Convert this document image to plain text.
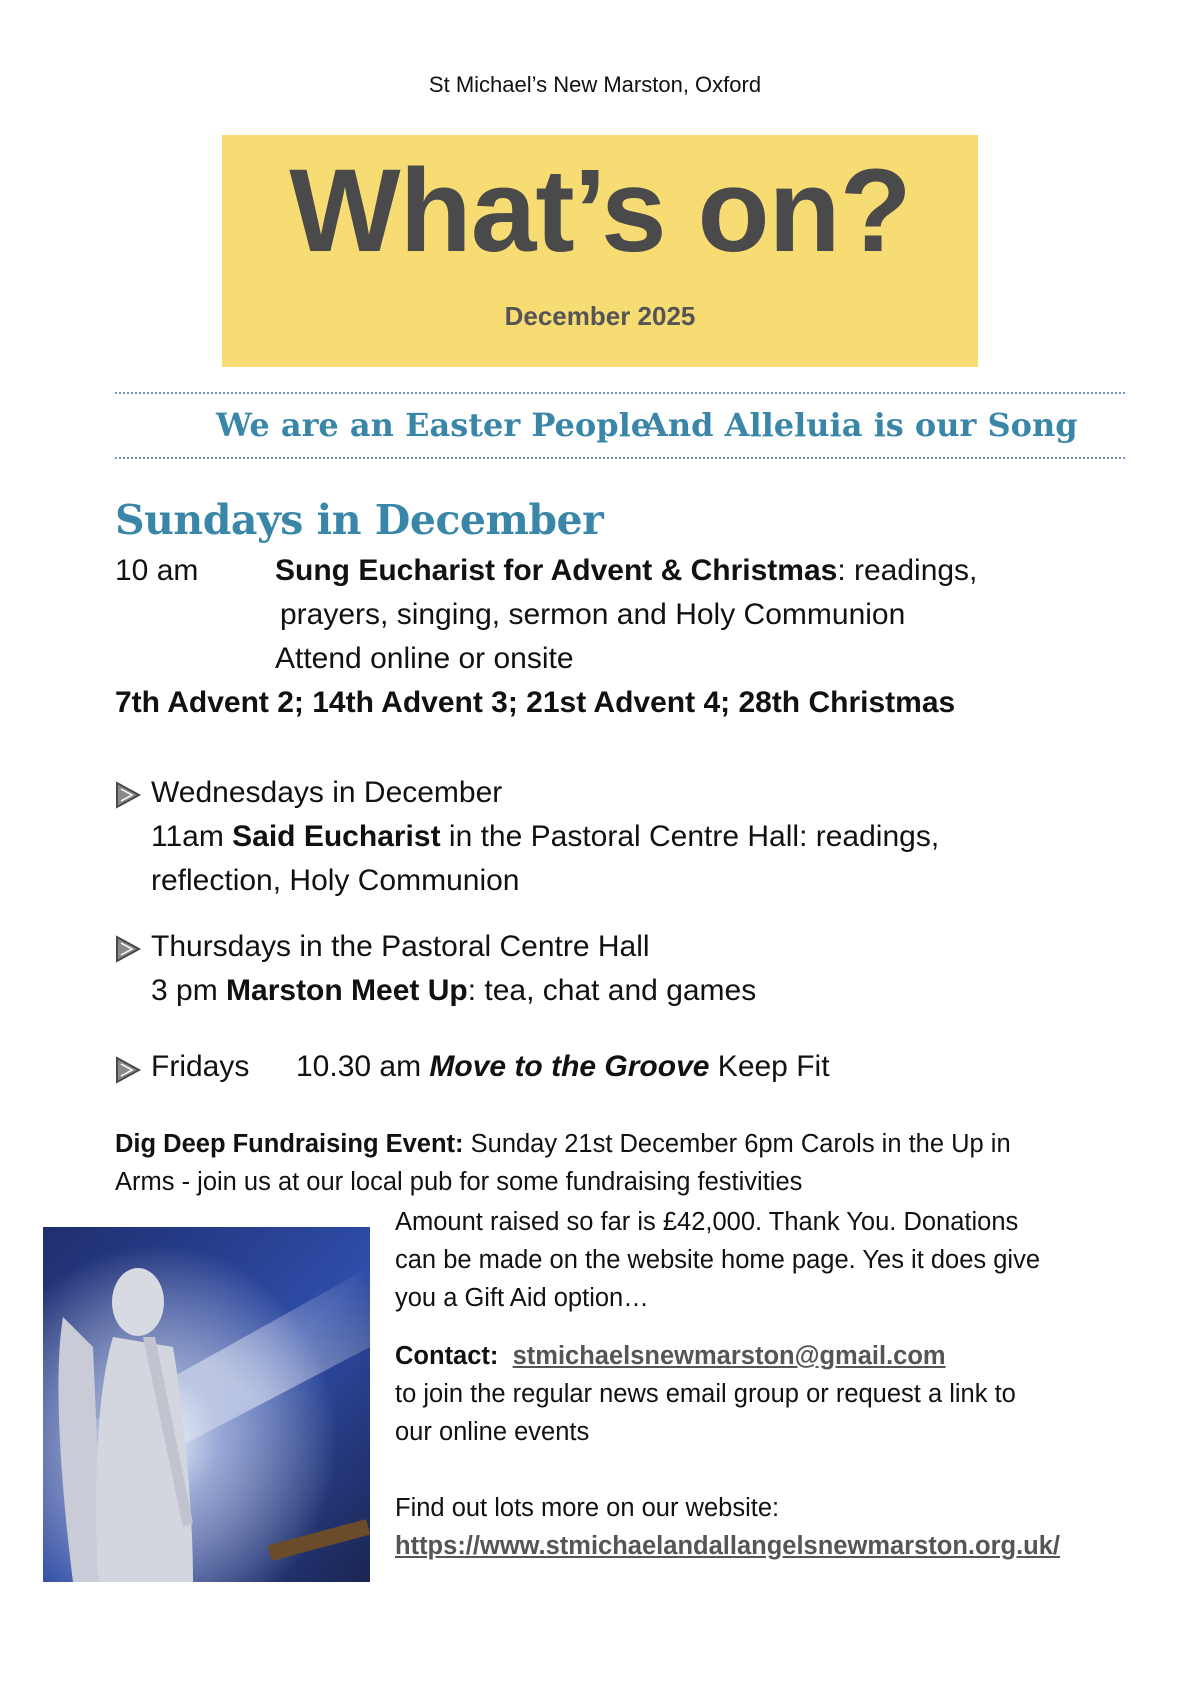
St Michael’s New Marston, Oxford
What’s on?
December 2025
We are an Easter People
And Alleluia is our Song
Sundays in December
10 am	Sung Eucharist for Advent & Christmas: readings,
prayers, singing, sermon and Holy Communion
Attend online or onsite
7th Advent 2; 14th Advent 3; 21st Advent 4; 28th Christmas
Wednesdays in December
11am Said Eucharist in the Pastoral Centre Hall: readings,
reflection, Holy Communion
Thursdays in the Pastoral Centre Hall
3 pm Marston Meet Up: tea, chat and games
Fridays 10.30 am Move to the Groove Keep Fit
Dig Deep Fundraising Event: Sunday 21st December 6pm Carols in the Up in
Arms - join us at our local pub for some fundraising festivities
Amount raised so far is £42,000. Thank You. Donations
can be made on the website home page. Yes it does give
you a Gift Aid option…
Contact: stmichaelsnewmarston@gmail.com
to join the regular news email group or request a link to
our online events
Find out lots more on our website:
https://www.stmichaelandallangelsnewmarston.org.uk/
